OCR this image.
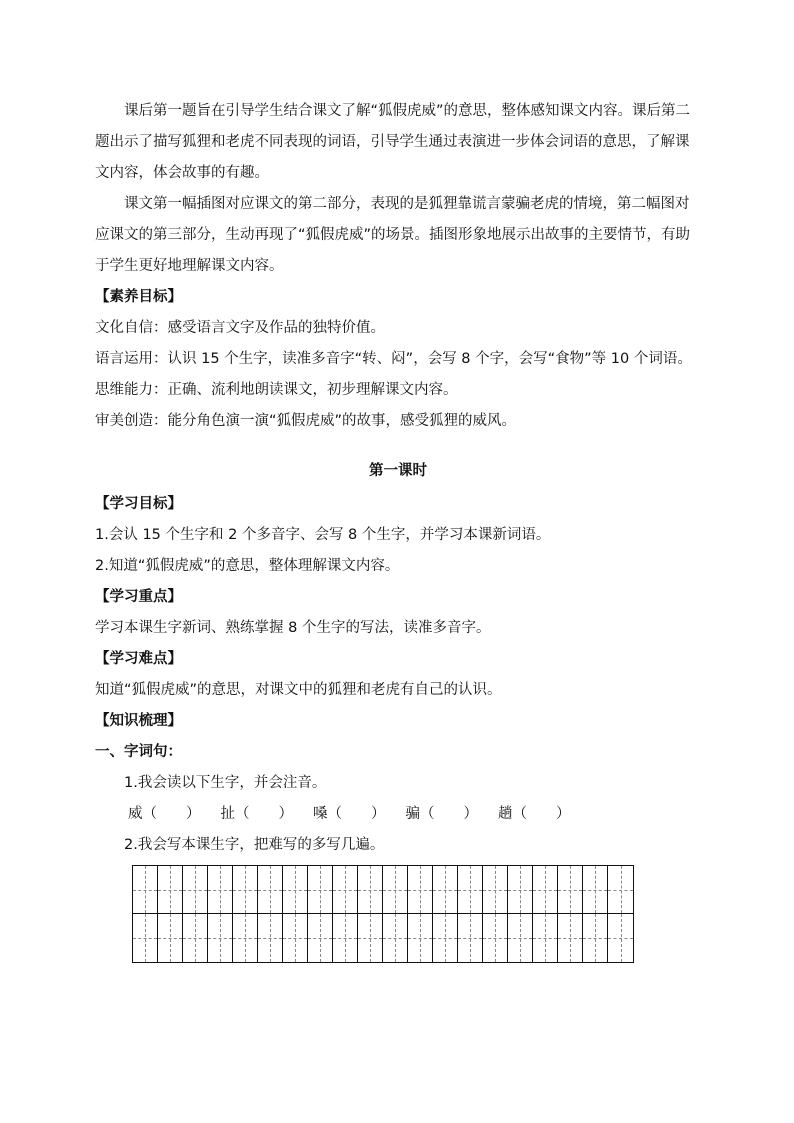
课后第一题旨在引导学生结合课文了解“狐假虎威”的意思，整体感知课文内容。课后第二题出示了描写狐狸和老虎不同表现的词语，引导学生通过表演进一步体会词语的意思，了解课文内容，体会故事的有趣。

课文第一幅插图对应课文的第二部分，表现的是狐狸靠谎言蒙骗老虎的情境，第二幅图对应课文的第三部分，生动再现了“狐假虎威”的场景。插图形象地展示出故事的主要情节，有助于学生更好地理解课文内容。

【素养目标】

文化自信：感受语言文字及作品的独特价值。

语言运用：认识 15 个生字，读准多音字“转、闷”，会写 8 个字，会写“食物”等 10 个词语。

思维能力：正确、流利地朗读课文，初步理解课文内容。

审美创造：能分角色演一演“狐假虎威”的故事，感受狐狸的威风。

第一课时

【学习目标】

1.会认 15 个生字和 2 个多音字、会写 8 个生字，并学习本课新词语。

2.知道“狐假虎威”的意思，整体理解课文内容。

【学习重点】

学习本课生字新词、熟练掌握 8 个生字的写法，读准多音字。

【学习难点】

知道“狐假虎威”的意思，对课文中的狐狸和老虎有自己的认识。

【知识梳理】

一、字词句：

1.我会读以下生字，并会注音。

威（　　） 扯（　　） 嗓（　　） 骗（　　） 趟（　　）

2.我会写本课生字，把难写的多写几遍。
